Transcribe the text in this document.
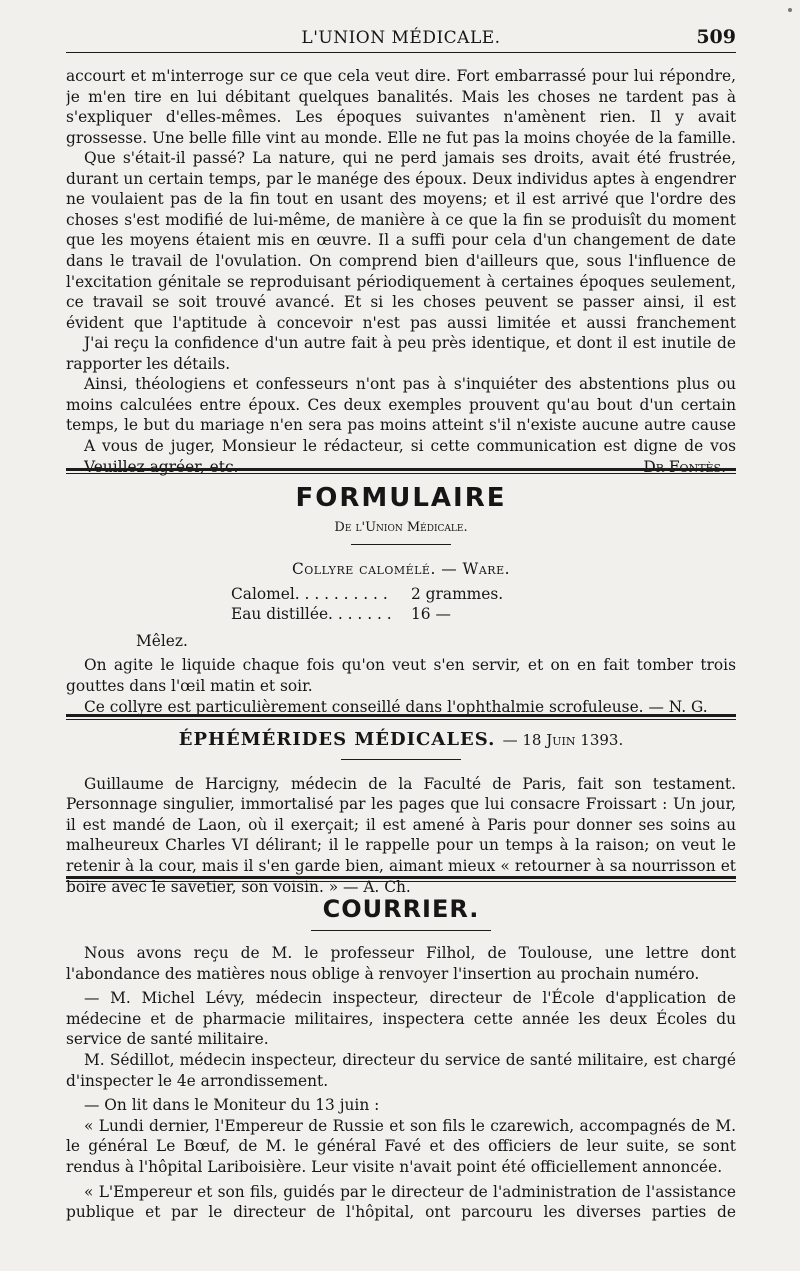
L'UNION MÉDICALE.	509

accourt et m'interroge sur ce que cela veut dire. Fort embarrassé pour lui répondre, je m'en tire en lui débitant quelques banalités. Mais les choses ne tardent pas à s'expliquer d'elles-mêmes. Les époques suivantes n'amènent rien. Il y avait grossesse. Une belle fille vint au monde. Elle ne fut pas la moins choyée de la famille.

Que s'était-il passé? La nature, qui ne perd jamais ses droits, avait été frustrée, durant un certain temps, par le manége des époux. Deux individus aptes à engendrer ne voulaient pas de la fin tout en usant des moyens; et il est arrivé que l'ordre des choses s'est modifié de lui-même, de manière à ce que la fin se produisît du moment que les moyens étaient mis en œuvre. Il a suffi pour cela d'un changement de date dans le travail de l'ovulation. On comprend bien d'ailleurs que, sous l'influence de l'excitation génitale se reproduisant périodiquement à certaines époques seulement, ce travail se soit trouvé avancé. Et si les choses peuvent se passer ainsi, il est évident que l'aptitude à concevoir n'est pas aussi limitée et aussi franchement

J'ai reçu la confidence d'un autre fait à peu près identique, et dont il est inutile de rapporter les détails.

Ainsi, théologiens et confesseurs n'ont pas à s'inquiéter des abstentions plus ou moins calculées entre époux. Ces deux exemples prouvent qu'au bout d'un certain temps, le but du mariage n'en sera pas moins atteint s'il n'existe aucune autre cause

A vous de juger, Monsieur le rédacteur, si cette communication est digne de vos

Veuillez agréer, etc.	Dr Fontès.
FORMULAIRE
De l'Union Médicale.
Collyre calomélé. — Ware.
Calomel. . . . . . . . . .	2 grammes.
Eau distillée. . . . . . .	16 —
Mêlez.

On agite le liquide chaque fois qu'on veut s'en servir, et on en fait tomber trois gouttes dans l'œil matin et soir.

Ce collyre est particulièrement conseillé dans l'ophthalmie scrofuleuse. — N. G.

ÉPHÉMÉRIDES MÉDICALES. — 18 Juin 1393.

Guillaume de Harcigny, médecin de la Faculté de Paris, fait son testament. Personnage singulier, immortalisé par les pages que lui consacre Froissart : Un jour, il est mandé de Laon, où il exerçait; il est amené à Paris pour donner ses soins au malheureux Charles VI délirant; il le rappelle pour un temps à la raison; on veut le retenir à la cour, mais il s'en garde bien, aimant mieux « retourner à sa nourrisson et boire avec le savetier, son voisin. » — A. Ch.

COURRIER.

Nous avons reçu de M. le professeur Filhol, de Toulouse, une lettre dont l'abondance des matières nous oblige à renvoyer l'insertion au prochain numéro.

— M. Michel Lévy, médecin inspecteur, directeur de l'École d'application de médecine et de pharmacie militaires, inspectera cette année les deux Écoles du service de santé militaire.

M. Sédillot, médecin inspecteur, directeur du service de santé militaire, est chargé d'inspecter le 4e arrondissement.

— On lit dans le Moniteur du 13 juin :

« Lundi dernier, l'Empereur de Russie et son fils le czarewich, accompagnés de M. le général Le Bœuf, de M. le général Favé et des officiers de leur suite, se sont rendus à l'hôpital Lariboisière. Leur visite n'avait point été officiellement annoncée.

« L'Empereur et son fils, guidés par le directeur de l'administration de l'assistance publique et par le directeur de l'hôpital, ont parcouru les diverses parties de
